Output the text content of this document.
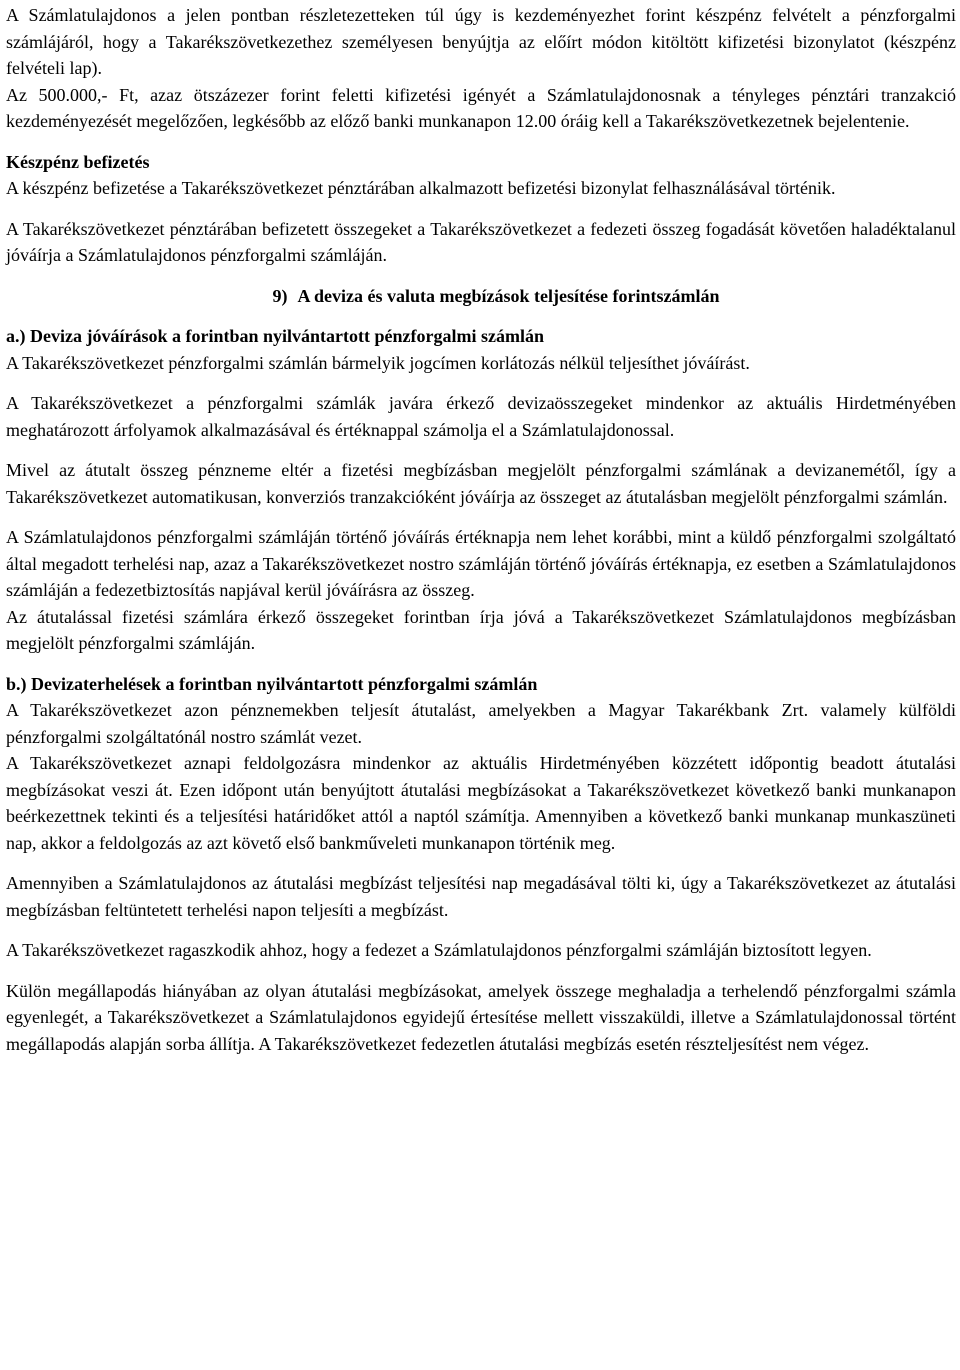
A Számlatulajdonos a jelen pontban részletezetteken túl úgy is kezdeményezhet forint készpénz felvételt a pénzforgalmi számlájáról, hogy a Takarékszövetkezethez személyesen benyújtja az előírt módon kitöltött kifizetési bizonylatot (készpénz felvételi lap).

Az 500.000,- Ft, azaz ötszázezer forint feletti kifizetési igényét a Számlatulajdonosnak a tényleges pénztári tranzakció kezdeményezését megelőzően, legkésőbb az előző banki munkanapon 12.00 óráig kell a Takarékszövetkezetnek bejelentenie.

Készpénz befizetés

A készpénz befizetése a Takarékszövetkezet pénztárában alkalmazott befizetési bizonylat felhasználásával történik.

A Takarékszövetkezet pénztárában befizetett összegeket a Takarékszövetkezet a fedezeti összeg fogadását követően haladéktalanul jóváírja a Számlatulajdonos pénzforgalmi számláján.

9) A deviza és valuta megbízások teljesítése forintszámlán

a.) Deviza jóváírások a forintban nyilvántartott pénzforgalmi számlán

A Takarékszövetkezet pénzforgalmi számlán bármelyik jogcímen korlátozás nélkül teljesíthet jóváírást.

A Takarékszövetkezet a pénzforgalmi számlák javára érkező devizaösszegeket mindenkor az aktuális Hirdetményében meghatározott árfolyamok alkalmazásával és értéknappal számolja el a Számlatulajdonossal.

Mivel az átutalt összeg pénzneme eltér a fizetési megbízásban megjelölt pénzforgalmi számlának a devizanemétől, így a Takarékszövetkezet automatikusan, konverziós tranzakcióként jóváírja az összeget az átutalásban megjelölt pénzforgalmi számlán.

A Számlatulajdonos pénzforgalmi számláján történő jóváírás értéknapja nem lehet korábbi, mint a küldő pénzforgalmi szolgáltató által megadott terhelési nap, azaz a Takarékszövetkezet nostro számláján történő jóváírás értéknapja, ez esetben a Számlatulajdonos számláján a fedezetbiztosítás napjával kerül jóváírásra az összeg.

Az átutalással fizetési számlára érkező összegeket forintban írja jóvá a Takarékszövetkezet Számlatulajdonos megbízásban megjelölt pénzforgalmi számláján.

b.) Devizaterhelések a forintban nyilvántartott pénzforgalmi számlán

A Takarékszövetkezet azon pénznemekben teljesít átutalást, amelyekben a Magyar Takarékbank Zrt. valamely külföldi pénzforgalmi szolgáltatónál nostro számlát vezet.

A Takarékszövetkezet aznapi feldolgozásra mindenkor az aktuális Hirdetményében közzétett időpontig beadott átutalási megbízásokat veszi át. Ezen időpont után benyújtott átutalási megbízásokat a Takarékszövetkezet következő banki munkanapon beérkezettnek tekinti és a teljesítési határidőket attól a naptól számítja. Amennyiben a következő banki munkanap munkaszüneti nap, akkor a feldolgozás az azt követő első bankműveleti munkanapon történik meg.

Amennyiben a Számlatulajdonos az átutalási megbízást teljesítési nap megadásával tölti ki, úgy a Takarékszövetkezet az átutalási megbízásban feltüntetett terhelési napon teljesíti a megbízást.

A Takarékszövetkezet ragaszkodik ahhoz, hogy a fedezet a Számlatulajdonos pénzforgalmi számláján biztosított legyen.

Külön megállapodás hiányában az olyan átutalási megbízásokat, amelyek összege meghaladja a terhelendő pénzforgalmi számla egyenlegét, a Takarékszövetkezet a Számlatulajdonos egyidejű értesítése mellett visszaküldi, illetve a Számlatulajdonossal történt megállapodás alapján sorba állítja. A Takarékszövetkezet fedezetlen átutalási megbízás esetén részteljesítést nem végez.
